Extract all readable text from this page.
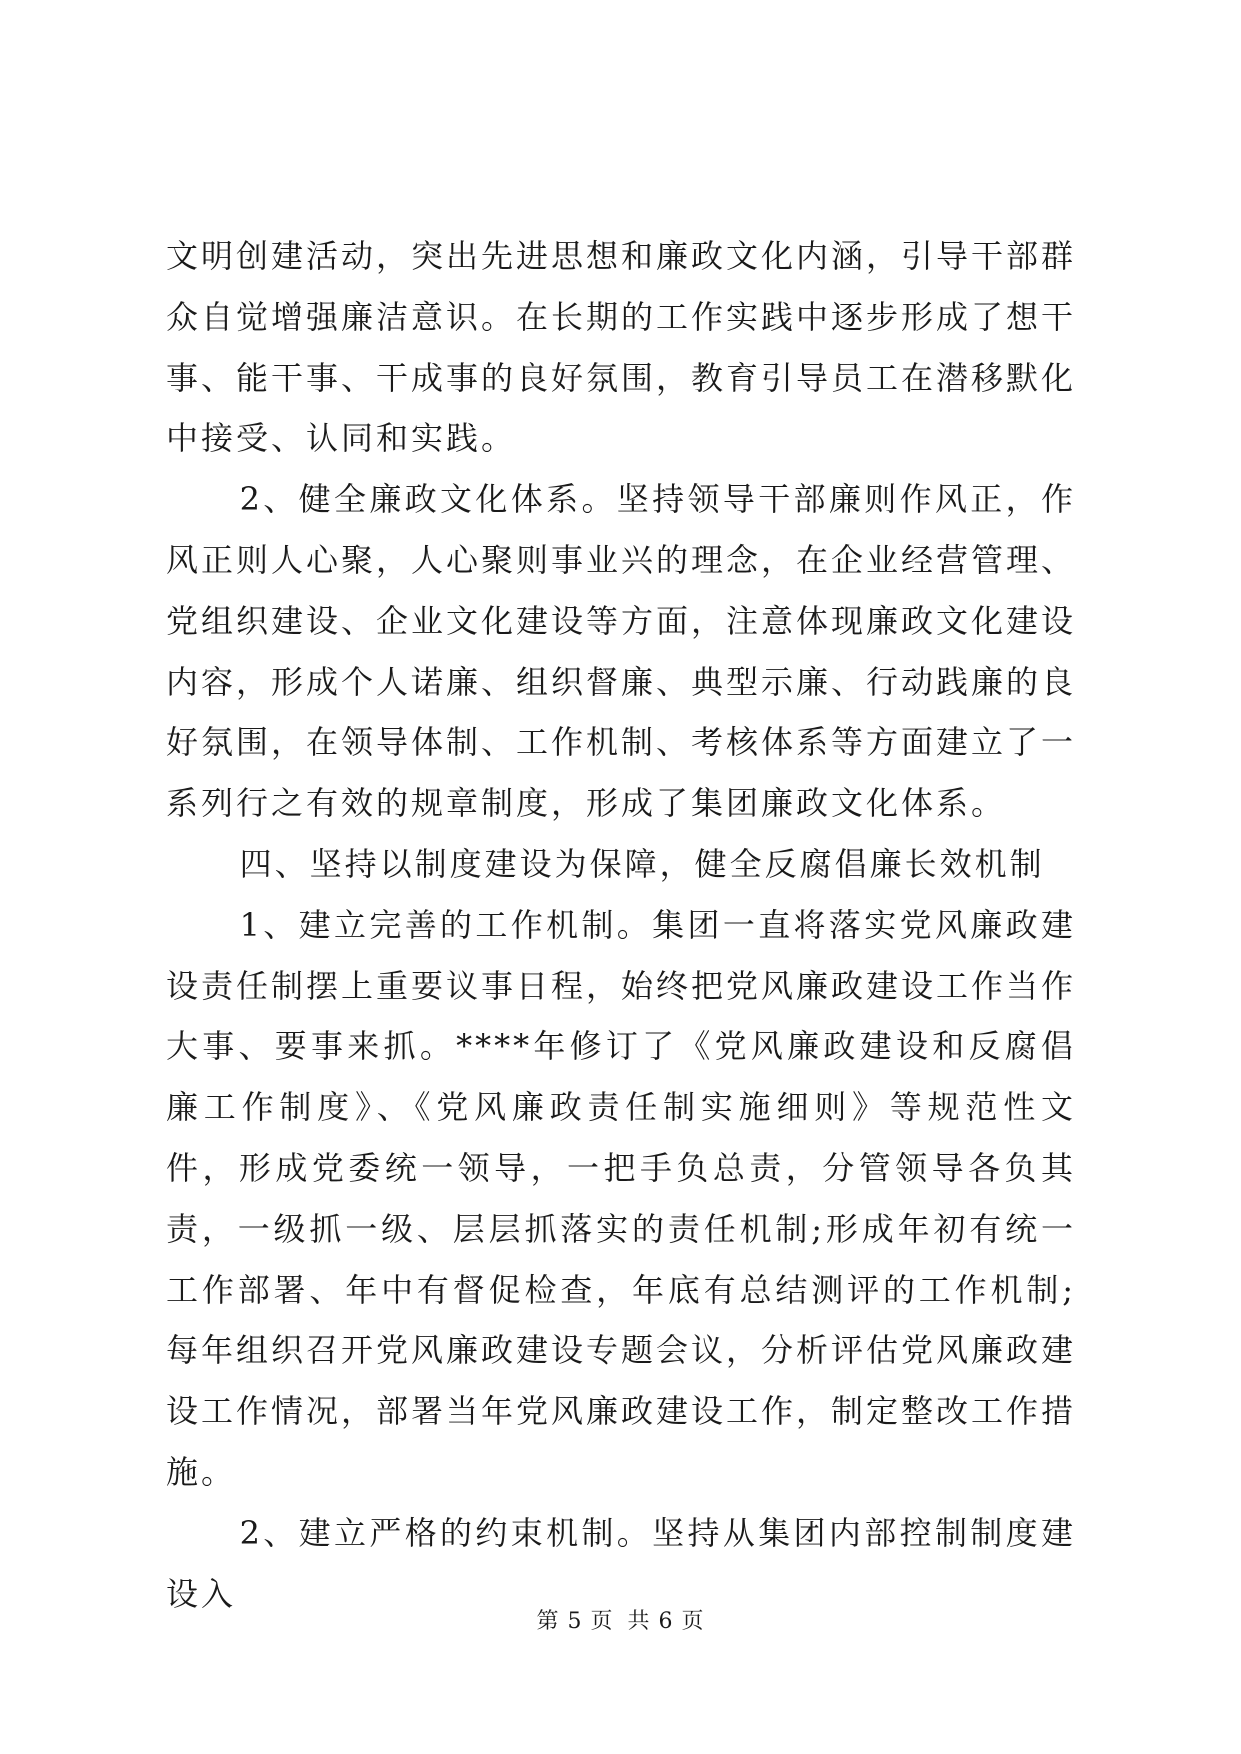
文明创建活动，突出先进思想和廉政文化内涵，引导干部群众自觉增强廉洁意识。在长期的工作实践中逐步形成了想干事、能干事、干成事的良好氛围，教育引导员工在潜移默化中接受、认同和实践。

2、健全廉政文化体系。坚持领导干部廉则作风正，作风正则人心聚，人心聚则事业兴的理念，在企业经营管理、党组织建设、企业文化建设等方面，注意体现廉政文化建设内容，形成个人诺廉、组织督廉、典型示廉、行动践廉的良好氛围，在领导体制、工作机制、考核体系等方面建立了一系列行之有效的规章制度，形成了集团廉政文化体系。

四、坚持以制度建设为保障，健全反腐倡廉长效机制

1、建立完善的工作机制。集团一直将落实党风廉政建设责任制摆上重要议事日程，始终把党风廉政建设工作当作大事、要事来抓。****年修订了《党风廉政建设和反腐倡廉工作制度》、《党风廉政责任制实施细则》等规范性文件，形成党委统一领导，一把手负总责，分管领导各负其责，一级抓一级、层层抓落实的责任机制;形成年初有统一工作部署、年中有督促检查，年底有总结测评的工作机制;每年组织召开党风廉政建设专题会议，分析评估党风廉政建设工作情况，部署当年党风廉政建设工作，制定整改工作措施。

2、建立严格的约束机制。坚持从集团内部控制制度建设入

第 5 页 共 6 页
